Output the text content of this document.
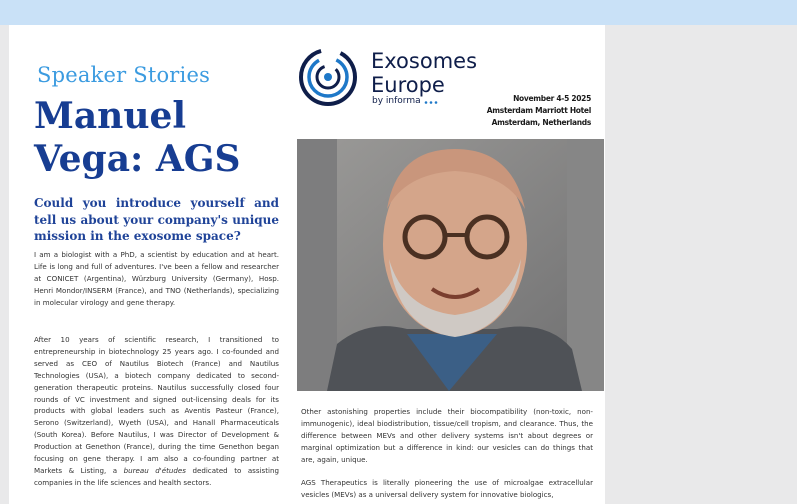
Speaker Stories
Manuel Vega: AGS
Could you introduce yourself and tell us about your company's unique mission in the exosome space?

I am a biologist with a PhD, a scientist by education and at heart. Life is long and full of adventures. I've been a fellow and researcher at CONICET (Argentina), Würzburg University (Germany), Hosp. Henri Mondor/INSERM (France), and TNO (Netherlands), specializing in molecular virology and gene therapy.

After 10 years of scientific research, I transitioned to entrepreneurship in biotechnology 25 years ago. I co-founded and served as CEO of Nautilus Biotech (France) and Nautilus Technologies (USA), a biotech company dedicated to second-generation therapeutic proteins. Nautilus successfully closed four rounds of VC investment and signed out-licensing deals for its products with global leaders such as Aventis Pasteur (France), Serono (Switzerland), Wyeth (USA), and Hanall Pharmaceuticals (South Korea). Before Nautilus, I was Director of Development & Production at Genethon (France), during the time Genethon began focusing on gene therapy. I am also a co-founding partner at Markets & Listing, a bureau d'études dedicated to assisting companies in the life sciences and health sectors.

Exosomes
Europe
by informa	November 4-5 2025
Amsterdam Marriott Hotel
Amsterdam, Netherlands

Other astonishing properties include their biocompatibility (non-toxic, non-immunogenic), ideal biodistribution, tissue/cell tropism, and clearance. Thus, the difference between MEVs and other delivery systems isn't about degrees or marginal optimization but a difference in kind: our vesicles can do things that are, again, unique.

AGS Therapeutics is literally pioneering the use of microalgae extracellular vesicles (MEVs) as a universal delivery system for innovative biologics,
